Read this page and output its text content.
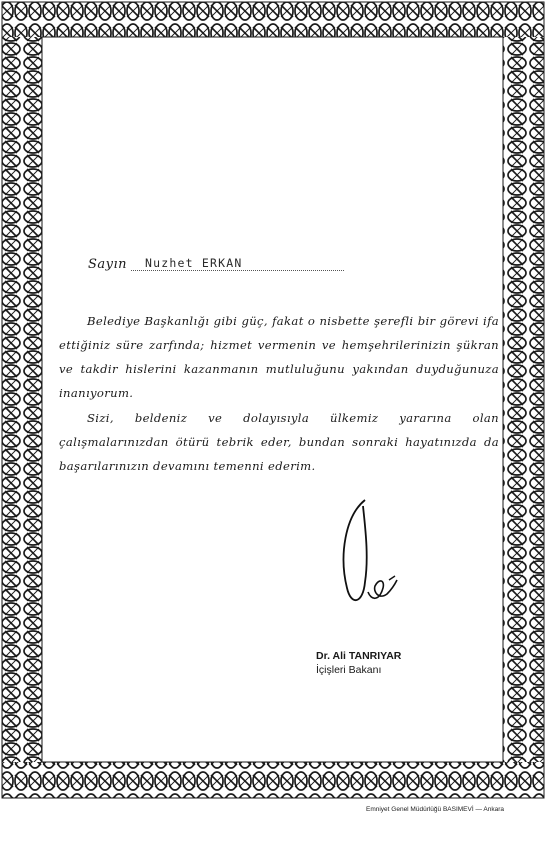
Sayın Nuzhet ERKAN
Belediye Başkanlığı gibi güç, fakat o nisbette şerefli bir görevi ifa ettiğiniz süre zarfında; hizmet vermenin ve hemşehrilerinizin şükran ve takdir hislerini kazanmanın mutluluğunu yakından duyduğunuza inanıyorum.
Sizi, beldeniz ve dolayısıyla ülkemiz yararına olan çalışmalarınızdan ötürü tebrik eder, bundan sonraki hayatınızda da başarılarınızın devamını temenni ederim.
Dr. Ali TANRIYAR
İçişleri Bakanı
Emniyet Genel Müdürlüğü BASIMEVİ — Ankara
